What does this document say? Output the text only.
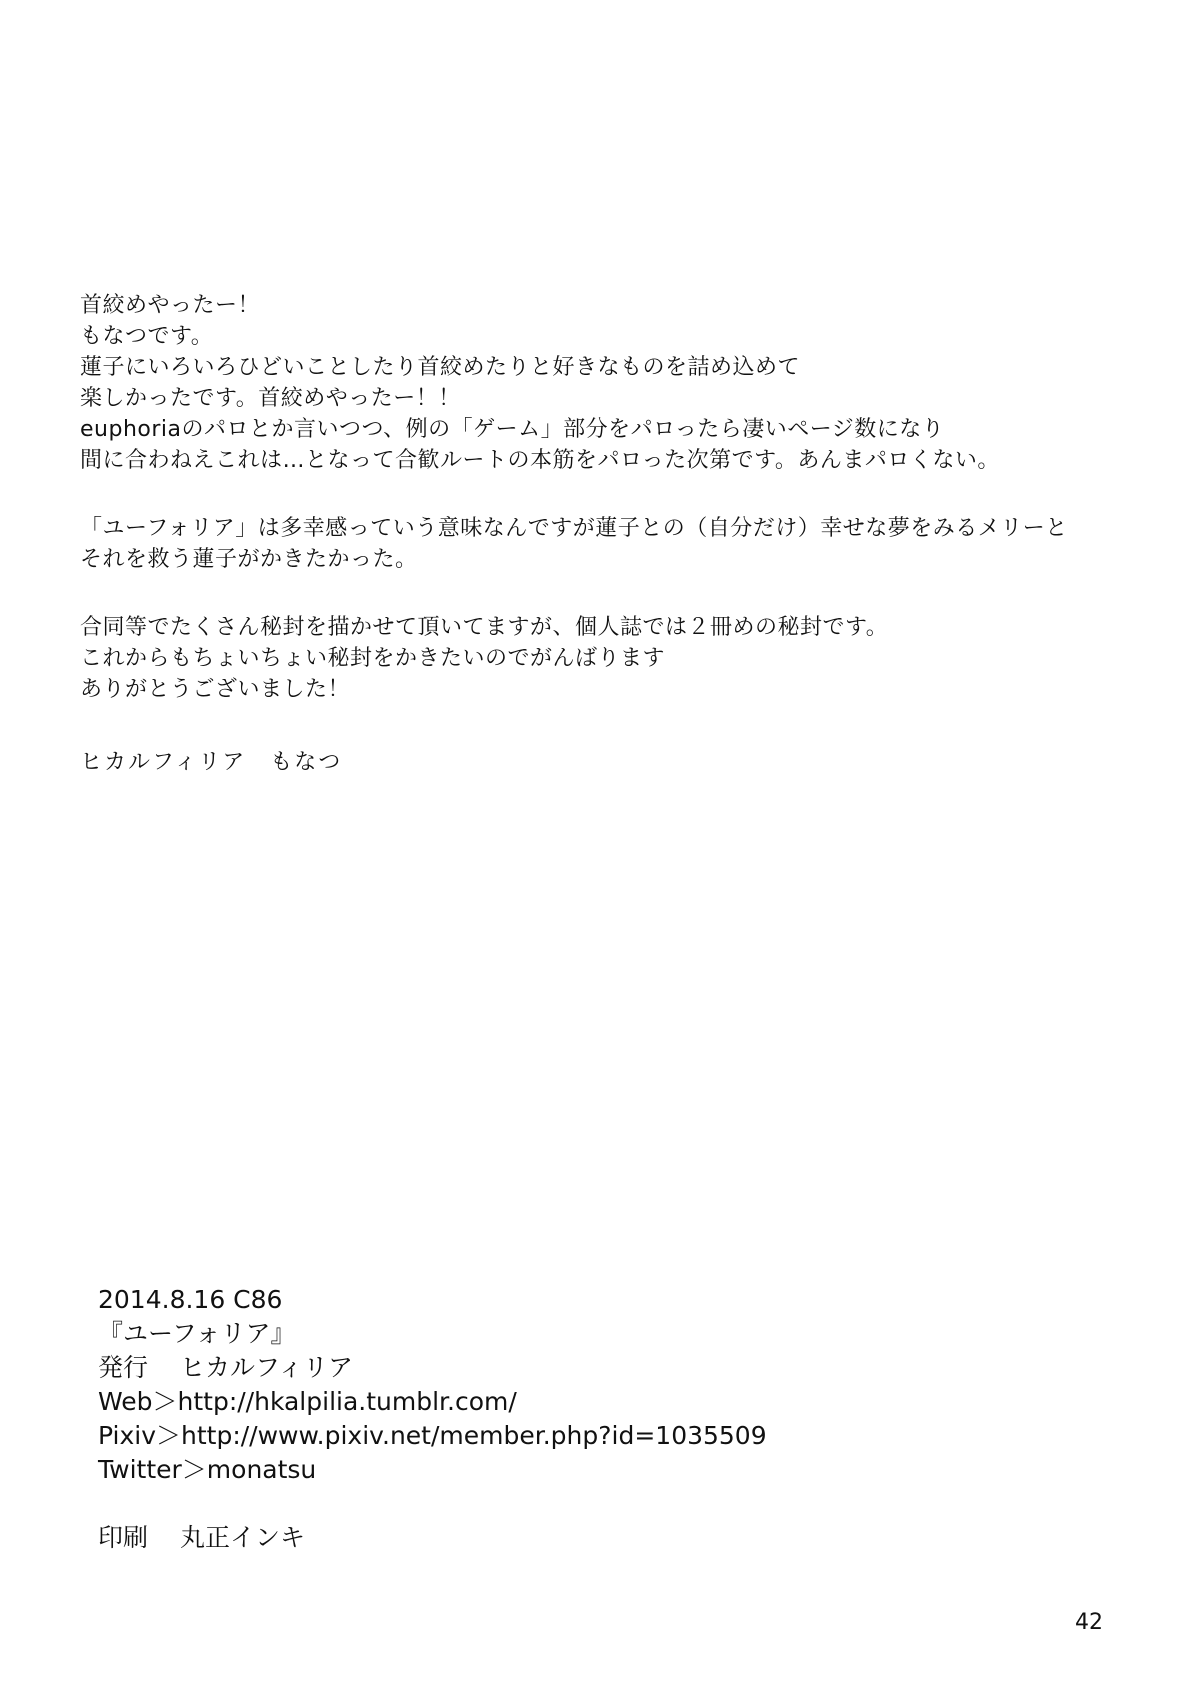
首絞めやったー！
もなつです。
蓮子にいろいろひどいことしたり首絞めたりと好きなものを詰め込めて
楽しかったです。首絞めやったー！！
euphoriaのパロとか言いつつ、例の「ゲーム」部分をパロったら凄いページ数になり
間に合わねえこれは…となって合歓ルートの本筋をパロった次第です。あんまパロくない。
「ユーフォリア」は多幸感っていう意味なんですが蓮子との（自分だけ）幸せな夢をみるメリーと
それを救う蓮子がかきたかった。
合同等でたくさん秘封を描かせて頂いてますが、個人誌では２冊めの秘封です。
これからもちょいちょい秘封をかきたいのでがんばります
ありがとうございました！
ヒカルフィリア　もなつ
2014.8.16 C86
『ユーフォリア』
発行 ヒカルフィリア
Web＞http://hkalpilia.tumblr.com/
Pixiv＞http://www.pixiv.net/member.php?id=1035509
Twitter＞monatsu
印刷 丸正インキ
42
